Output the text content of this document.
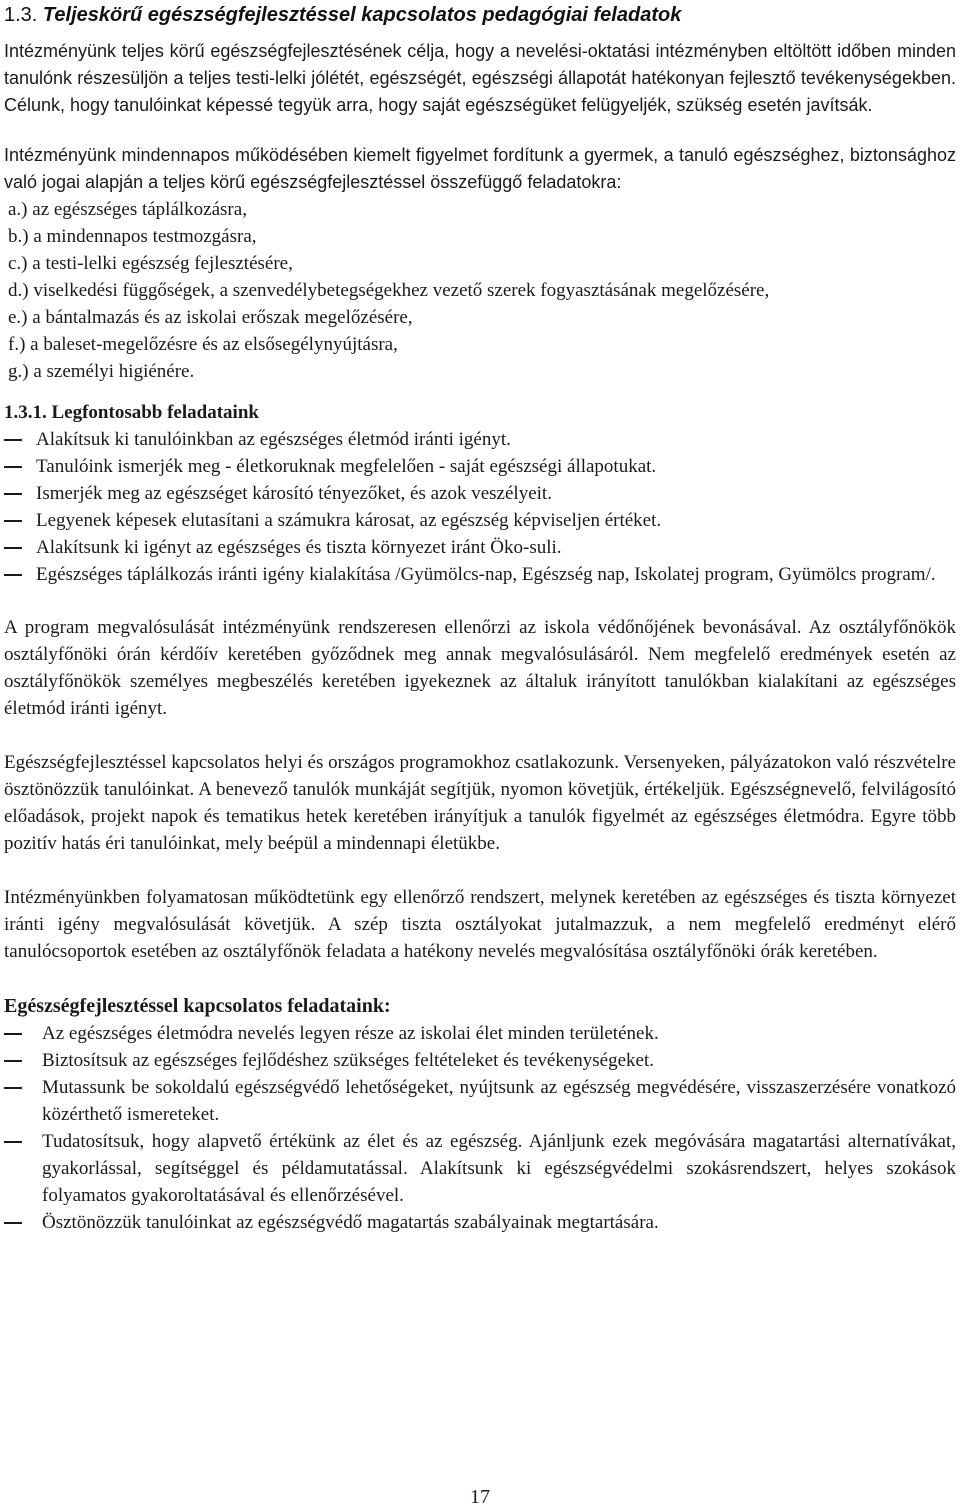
1.3. Teljeskörű egészségfejlesztéssel kapcsolatos pedagógiai feladatok

Intézményünk teljes körű egészségfejlesztésének célja, hogy a nevelési-oktatási intézményben eltöltött időben minden tanulónk részesüljön a teljes testi-lelki jólétét, egészségét, egészségi állapotát hatékonyan fejlesztő tevékenységekben. Célunk, hogy tanulóinkat képessé tegyük arra, hogy saját egészségüket felügyeljék, szükség esetén javítsák.

Intézményünk mindennapos működésében kiemelt figyelmet fordítunk a gyermek, a tanuló egészséghez, biztonsághoz való jogai alapján a teljes körű egészségfejlesztéssel összefüggő feladatokra:

a.) az egészséges táplálkozásra,
b.) a mindennapos testmozgásra,
c.) a testi-lelki egészség fejlesztésére,
d.) viselkedési függőségek, a szenvedélybetegségekhez vezető szerek fogyasztásának megelőzésére,
e.) a bántalmazás és az iskolai erőszak megelőzésére,
f.) a baleset-megelőzésre és az elsősegélynyújtásra,
g.) a személyi higiénére.
1.3.1. Legfontosabb feladataink
Alakítsuk ki tanulóinkban az egészséges életmód iránti igényt.
Tanulóink ismerjék meg - életkoruknak megfelelően - saját egészségi állapotukat.
Ismerjék meg az egészséget károsító tényezőket, és azok veszélyeit.
Legyenek képesek elutasítani a számukra károsat, az egészség képviseljen értéket.
Alakítsunk ki igényt az egészséges és tiszta környezet iránt Öko-suli.
Egészséges táplálkozás iránti igény kialakítása /Gyümölcs-nap, Egészség nap, Iskolatej program, Gyümölcs program/.

A program megvalósulását intézményünk rendszeresen ellenőrzi az iskola védőnőjének bevonásával. Az osztályfőnökök osztályfőnöki órán kérdőív keretében győződnek meg annak megvalósulásáról. Nem megfelelő eredmények esetén az osztályfőnökök személyes megbeszélés keretében igyekeznek az általuk irányított tanulókban kialakítani az egészséges életmód iránti igényt.

Egészségfejlesztéssel kapcsolatos helyi és országos programokhoz csatlakozunk. Versenyeken, pályázatokon való részvételre ösztönözzük tanulóinkat. A benevező tanulók munkáját segítjük, nyomon követjük, értékeljük. Egészségnevelő, felvilágosító előadások, projekt napok és tematikus hetek keretében irányítjuk a tanulók figyelmét az egészséges életmódra. Egyre több pozitív hatás éri tanulóinkat, mely beépül a mindennapi életükbe.

Intézményünkben folyamatosan működtetünk egy ellenőrző rendszert, melynek keretében az egészséges és tiszta környezet iránti igény megvalósulását követjük. A szép tiszta osztályokat jutalmazzuk, a nem megfelelő eredményt elérő tanulócsoportok esetében az osztályfőnök feladata a hatékony nevelés megvalósítása osztályfőnöki órák keretében.

Egészségfejlesztéssel kapcsolatos feladataink:
Az egészséges életmódra nevelés legyen része az iskolai élet minden területének.
Biztosítsuk az egészséges fejlődéshez szükséges feltételeket és tevékenységeket.
Mutassunk be sokoldalú egészségvédő lehetőségeket, nyújtsunk az egészség megvédésére, visszaszerzésére vonatkozó közérthető ismereteket.
Tudatosítsuk, hogy alapvető értékünk az élet és az egészség. Ajánljunk ezek megóvására magatartási alternatívákat, gyakorlással, segítséggel és példamutatással. Alakítsunk ki egészségvédelmi szokásrendszert, helyes szokások folyamatos gyakoroltatásával és ellenőrzésével.
Ösztönözzük tanulóinkat az egészségvédő magatartás szabályainak megtartására.
17
